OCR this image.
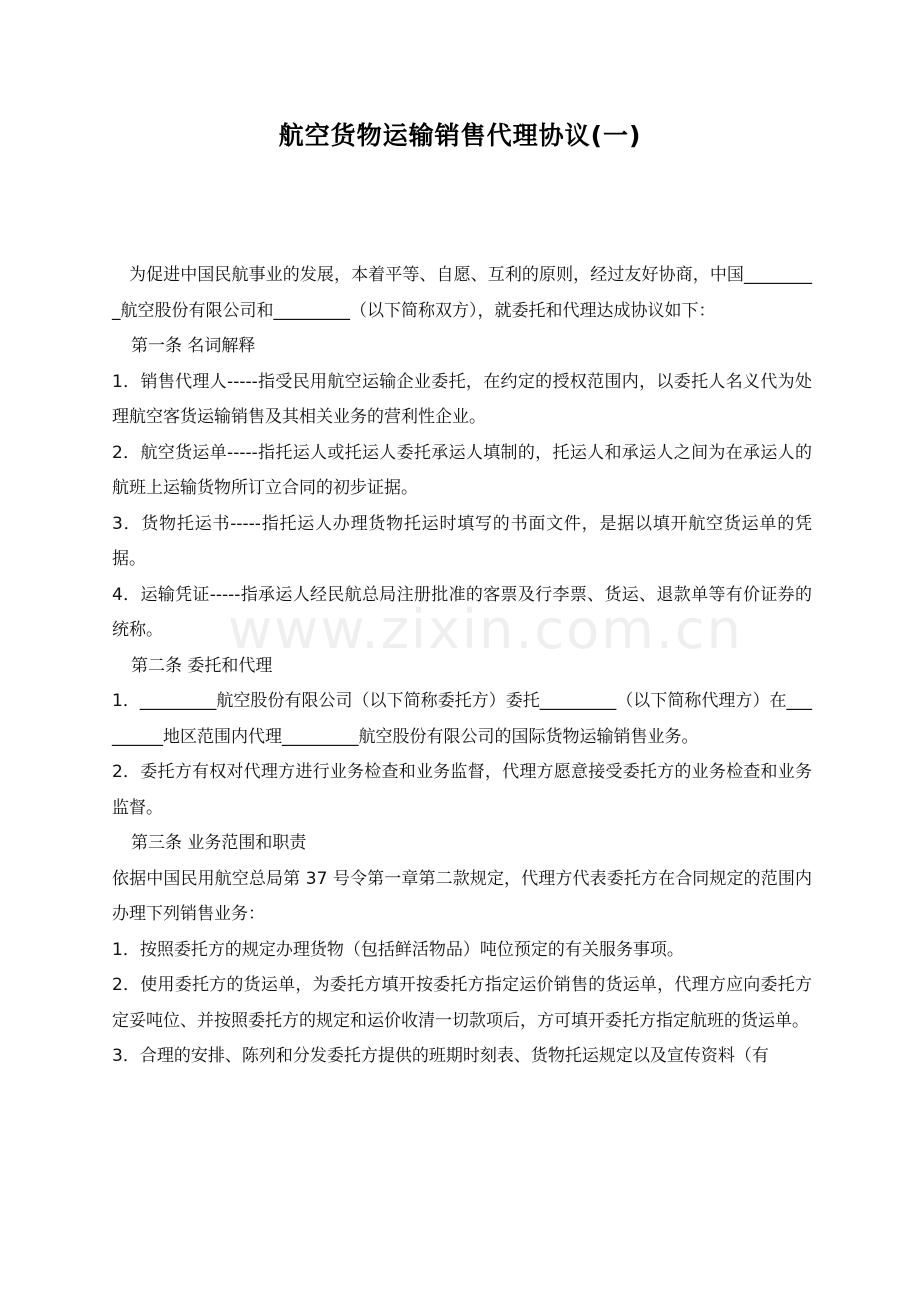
www.zixin.com.cn
航空货物运输销售代理协议(一)

为促进中国民航事业的发展，本着平等、自愿、互利的原则，经过友好协商，中国_________航空股份有限公司和_________（以下简称双方），就委托和代理达成协议如下：

第一条 名词解释

1．销售代理人-----指受民用航空运输企业委托，在约定的授权范围内，以委托人名义代为处理航空客货运输销售及其相关业务的营利性企业。

2．航空货运单-----指托运人或托运人委托承运人填制的，托运人和承运人之间为在承运人的航班上运输货物所订立合同的初步证据。

3．货物托运书-----指托运人办理货物托运时填写的书面文件，是据以填开航空货运单的凭据。

4．运输凭证-----指承运人经民航总局注册批准的客票及行李票、货运、退款单等有价证券的统称。

第二条 委托和代理

1．_________航空股份有限公司（以下简称委托方）委托_________（以下简称代理方）在_________地区范围内代理_________航空股份有限公司的国际货物运输销售业务。

2．委托方有权对代理方进行业务检查和业务监督，代理方愿意接受委托方的业务检查和业务监督。

第三条 业务范围和职责

依据中国民用航空总局第 37 号令第一章第二款规定，代理方代表委托方在合同规定的范围内办理下列销售业务：

1．按照委托方的规定办理货物（包括鲜活物品）吨位预定的有关服务事项。

2．使用委托方的货运单，为委托方填开按委托方指定运价销售的货运单，代理方应向委托方定妥吨位、并按照委托方的规定和运价收清一切款项后，方可填开委托方指定航班的货运单。

3．合理的安排、陈列和分发委托方提供的班期时刻表、货物托运规定以及宣传资料（有
